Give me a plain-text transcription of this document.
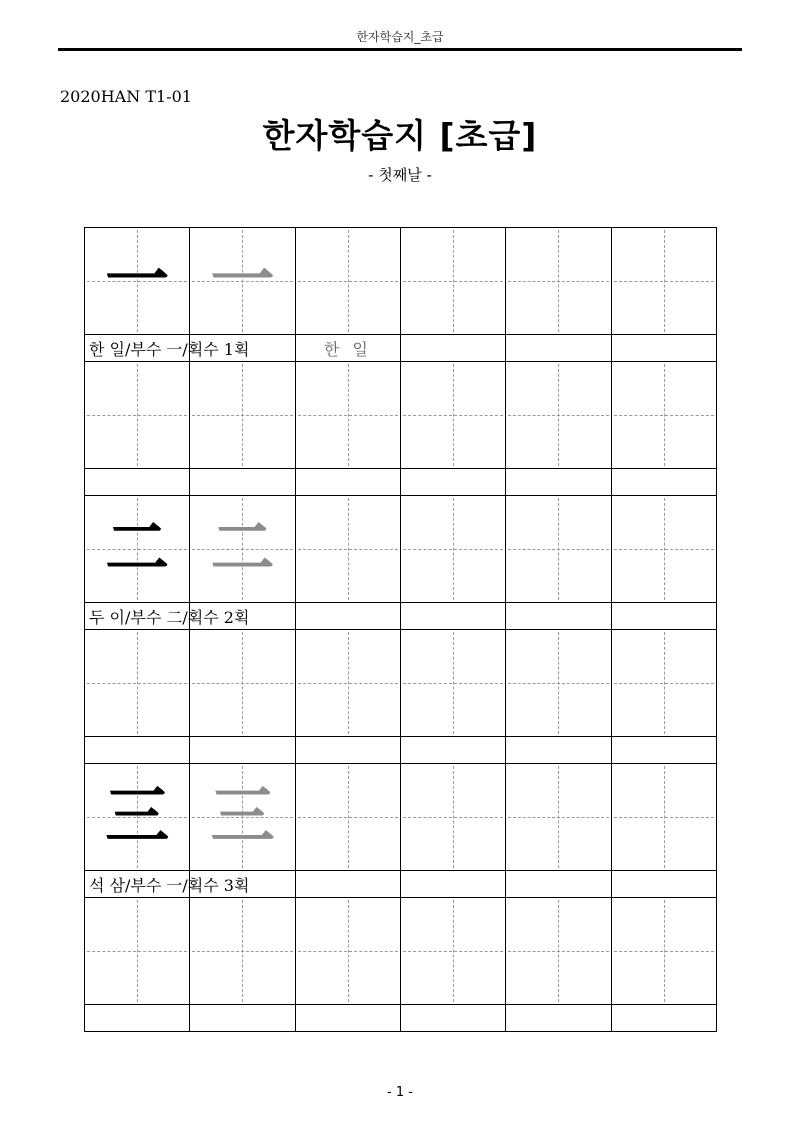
한자학습지_초급
2020HAN T1-01
한자학습지 [초급]
- 첫째날 -
一	一				

한 일/부수 一/획수 1획		한 일			

二	二				

두 이/부수 二/획수 2획					

三	三				

석 삼/부수 一/획수 3획					

- 1 -
